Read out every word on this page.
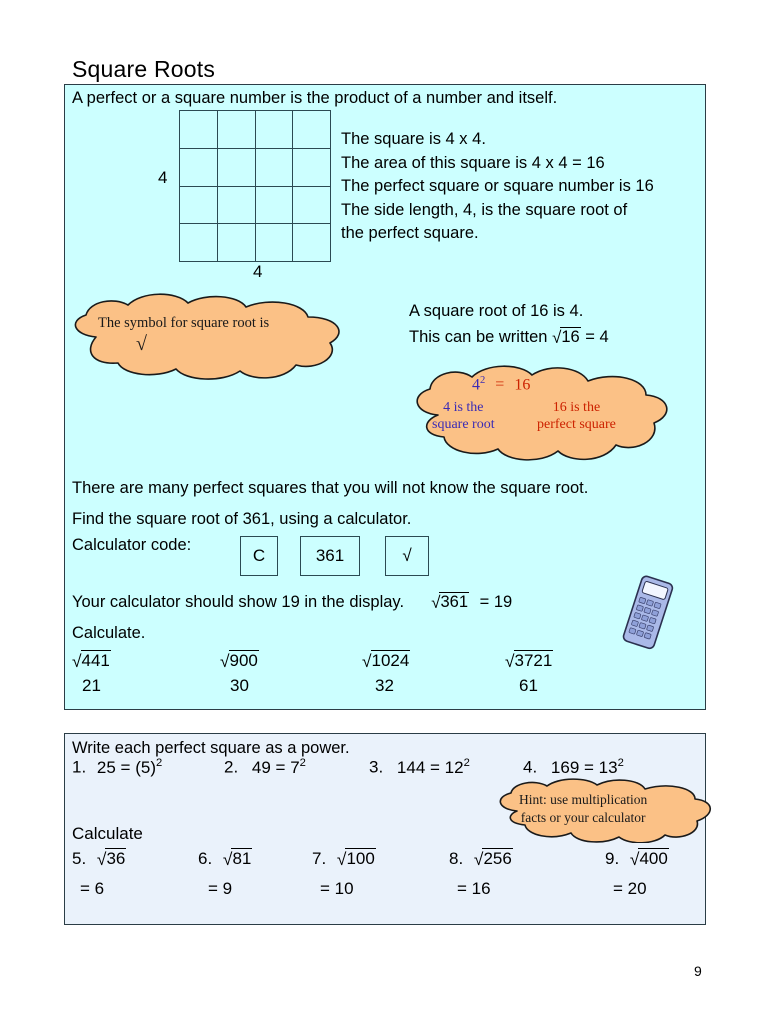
Square Roots
A perfect or a square number is the product of a number and itself.
4
4
The square is 4 x 4.
The area of this square is 4 x 4 = 16
The perfect square or square number is 16
The side length, 4, is the square root of
the perfect square.
The symbol for square root is
√
A square root of 16 is 4.
This can be written √16 = 4
$4^2 = 16$
4 is the
square root
16 is the
perfect square
There are many perfect squares that you will not know the square root.
Find the square root of 361, using a calculator.
Calculator code:
C	361	√
Your calculator should show 19 in the display. √361 = 19
Calculate.
√441	√900	√1024	√3721
21	30	32	61
Write each perfect square as a power.
1. $25 = (5)^2$	2. $49 = 7^2$	3. $144 = 12^2$	4. $169 = 13^2$
Hint: use multiplication
facts or your calculator
Calculate
5. √36	6. √81	7. √100	8. √256	9. √400
= 6	= 9	= 10	= 16	= 20
9
